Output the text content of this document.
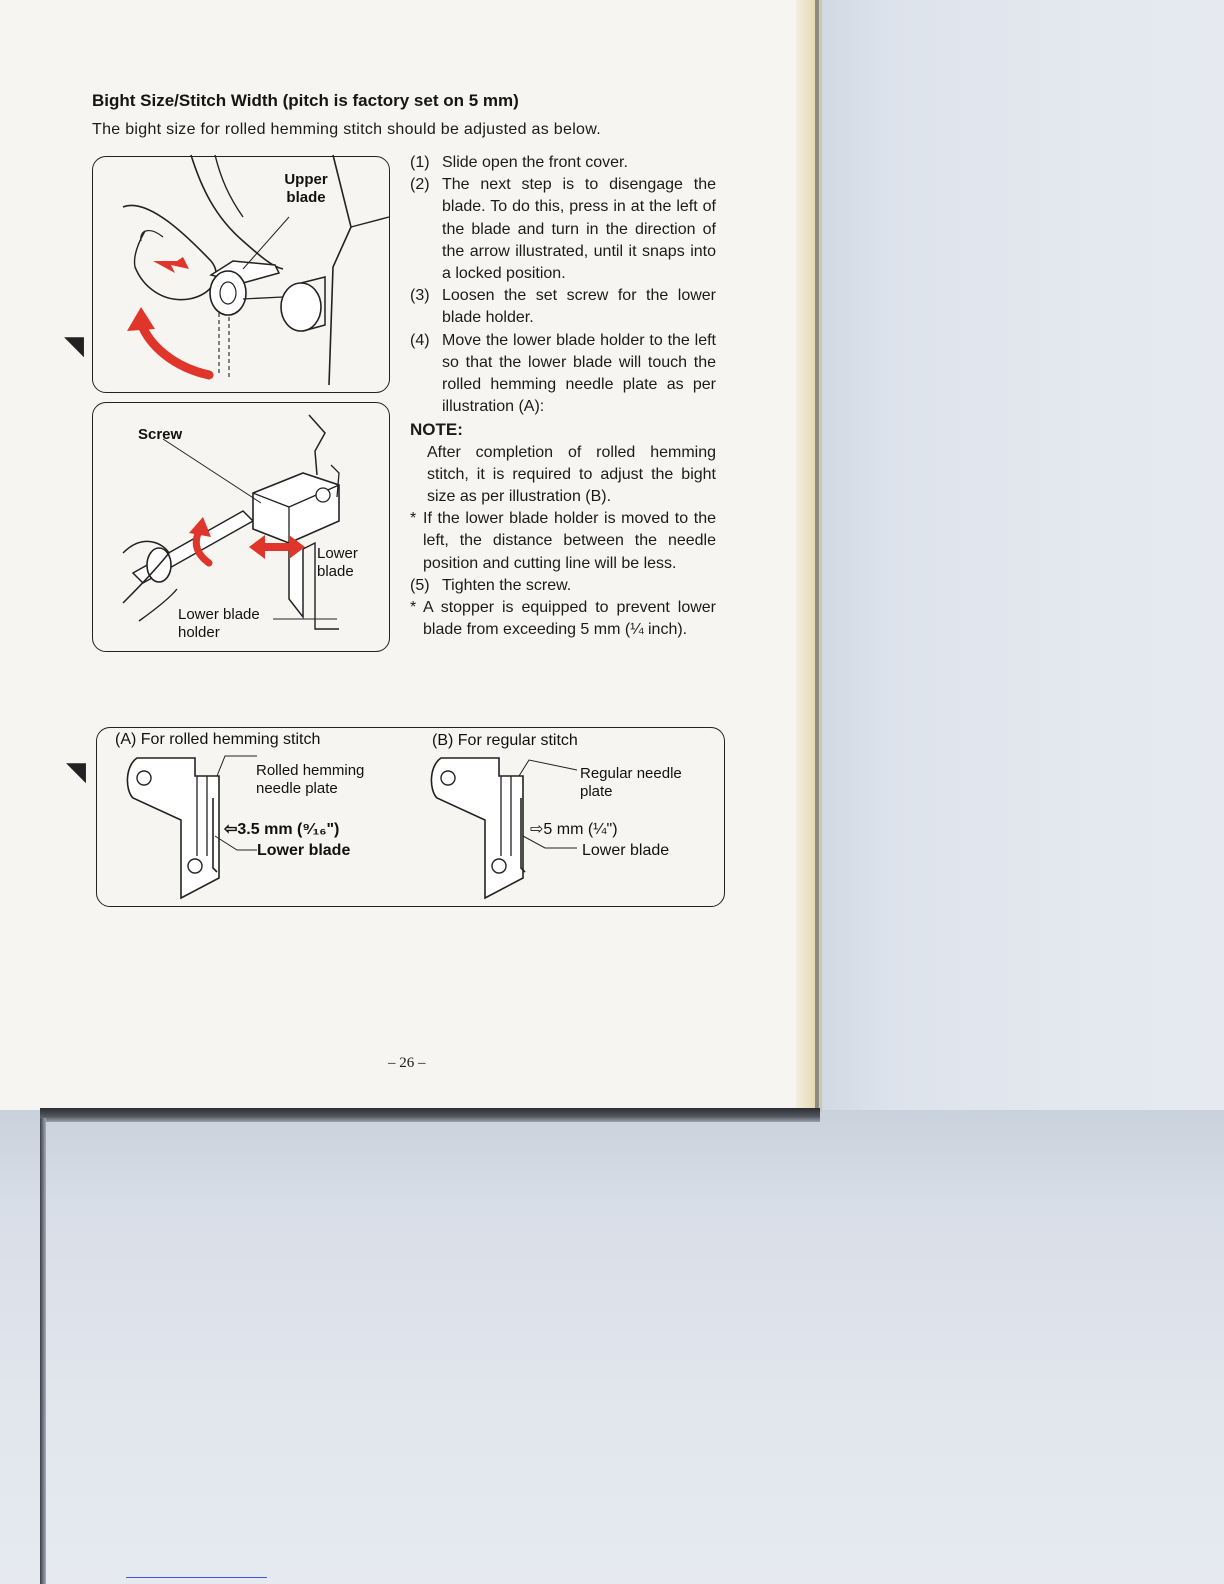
◥
◥
Bight Size/Stitch Width (pitch is factory set on 5 mm)
The bight size for rolled hemming stitch should be adjusted as below.
Upper blade
Screw
Lower blade
Lower blade holder
(1) Slide open the front cover.
(2) The next step is to disengage the blade. To do this, press in at the left of the blade and turn in the direction of the arrow illustrated, until it snaps into a locked position.
(3) Loosen the set screw for the lower blade holder.
(4) Move the lower blade holder to the left so that the lower blade will touch the rolled hemming needle plate as per illustration (A):
NOTE:
After completion of rolled hemming stitch, it is required to adjust the bight size as per illustration (B).
* If the lower blade holder is moved to the left, the distance between the needle position and cutting line will be less.
(5) Tighten the screw.
* A stopper is equipped to prevent lower blade from exceeding 5 mm (¼ inch).
(A) For rolled hemming stitch
Rolled hemming needle plate
⇦3.5 mm (⁹⁄₁₆")
Lower blade
(B) For regular stitch
Regular needle plate
⇨5 mm (¼")
Lower blade
– 26 –
